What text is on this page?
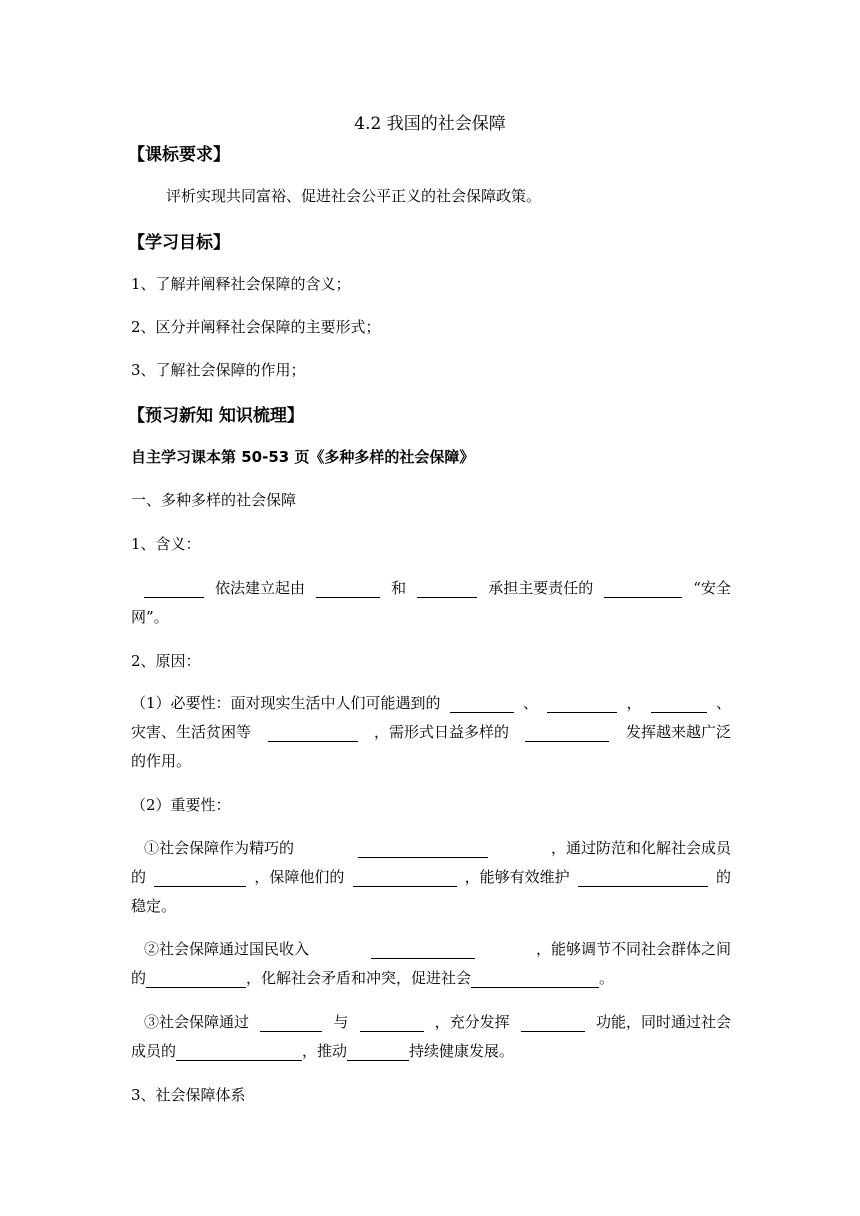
4.2 我国的社会保障
【课标要求】
评析实现共同富裕、促进社会公平正义的社会保障政策。
【学习目标】
1、了解并阐释社会保障的含义；
2、区分并阐释社会保障的主要形式；
3、了解社会保障的作用；
【预习新知 知识梳理】
自主学习课本第 50-53 页《多种多样的社会保障》
一、多种多样的社会保障
1、含义：
依法建立起由	和	承担主要责任的	“安全
网”。
2、原因：
（1）必要性：面对现实生活中人们可能遇到的	、	，	、
灾害、生活贫困等	，需形式日益多样的	发挥越来越广泛
的作用。
（2）重要性：
①社会保障作为精巧的	，通过防范和化解社会成员
的	，保障他们的	，能够有效维护	的
稳定。
②社会保障通过国民收入	，能够调节不同社会群体之间
的	，化解社会矛盾和冲突，促进社会	。
③社会保障通过	与	，充分发挥	功能，同时通过社会
成员的	，推动	持续健康发展。
3、社会保障体系
